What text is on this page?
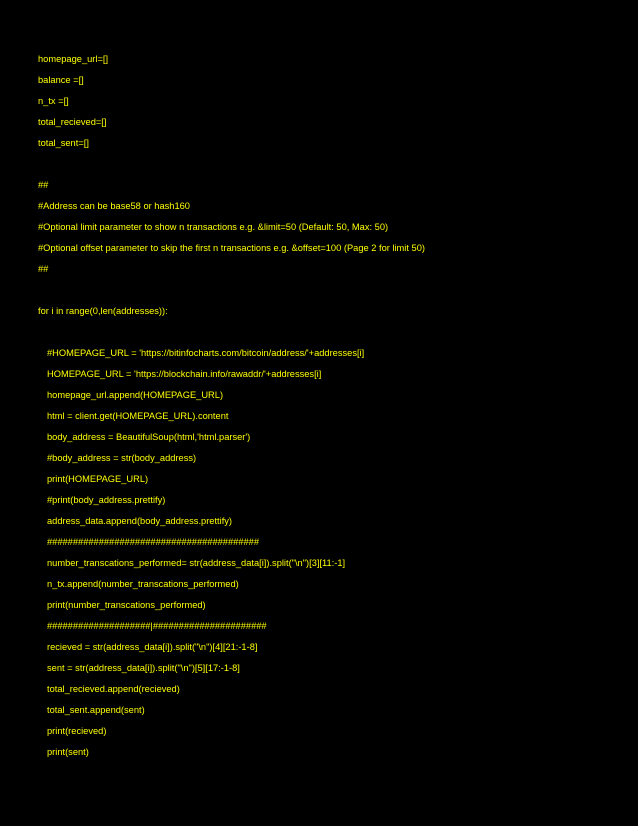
homepage_url=[]
balance =[]
n_tx =[]
total_recieved=[]
total_sent=[]
##
#Address can be base58 or hash160
#Optional limit parameter to show n transactions e.g. &limit=50 (Default: 50, Max: 50)
#Optional offset parameter to skip the first n transactions e.g. &offset=100 (Page 2 for limit 50)
##
for i in range(0,len(addresses)):
#HOMEPAGE_URL = 'https://bitinfocharts.com/bitcoin/address/'+addresses[i]
HOMEPAGE_URL = 'https://blockchain.info/rawaddr/'+addresses[i]
homepage_url.append(HOMEPAGE_URL)
html = client.get(HOMEPAGE_URL).content
body_address = BeautifulSoup(html,'html.parser')
#body_address = str(body_address)
print(HOMEPAGE_URL)
#print(body_address.prettify)
address_data.append(body_address.prettify)
#########################################
number_transcations_performed= str(address_data[i]).split("\n")[3][11:-1]
n_tx.append(number_transcations_performed)
print(number_transcations_performed)
####################|######################
recieved = str(address_data[i]).split("\n")[4][21:-1-8]
sent = str(address_data[i]).split("\n")[5][17:-1-8]
total_recieved.append(recieved)
total_sent.append(sent)
print(recieved)
print(sent)
